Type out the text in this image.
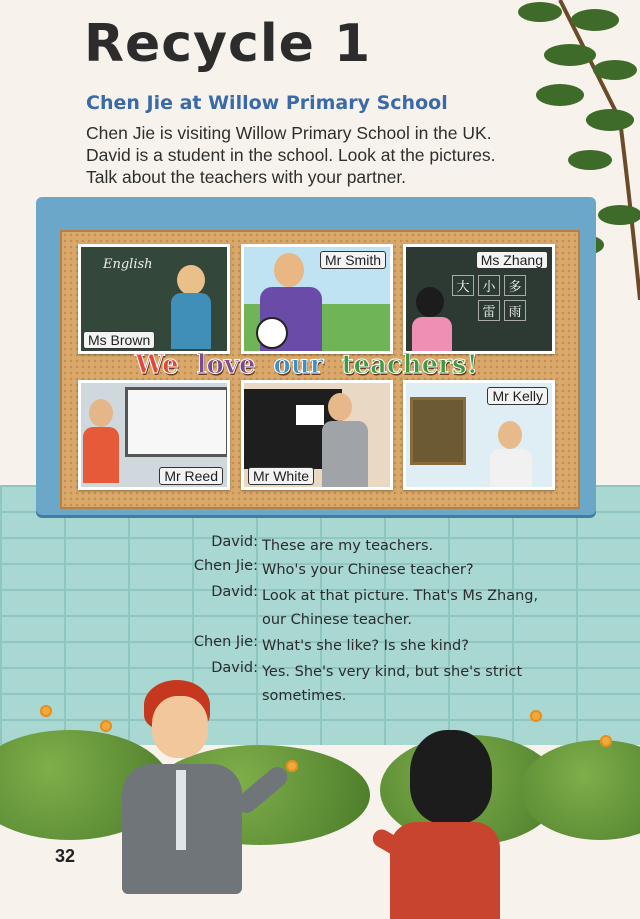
Recycle 1
Chen Jie at Willow Primary School

Chen Jie is visiting Willow Primary School in the UK.

David is a student in the school. Look at the pictures.

Talk about the teachers with your partner.

English
Ms Brown
Mr Smith
大 小 多
雷 雨
Ms Zhang
We love our teachers!
Mr Reed	Mr White
Mr Kelly
David: These are my teachers.
Chen Jie: Who's your Chinese teacher?
David: Look at that picture. That's Ms Zhang,
our Chinese teacher.
Chen Jie: What's she like? Is she kind?
David: Yes. She's very kind, but she's strict
sometimes.
32
